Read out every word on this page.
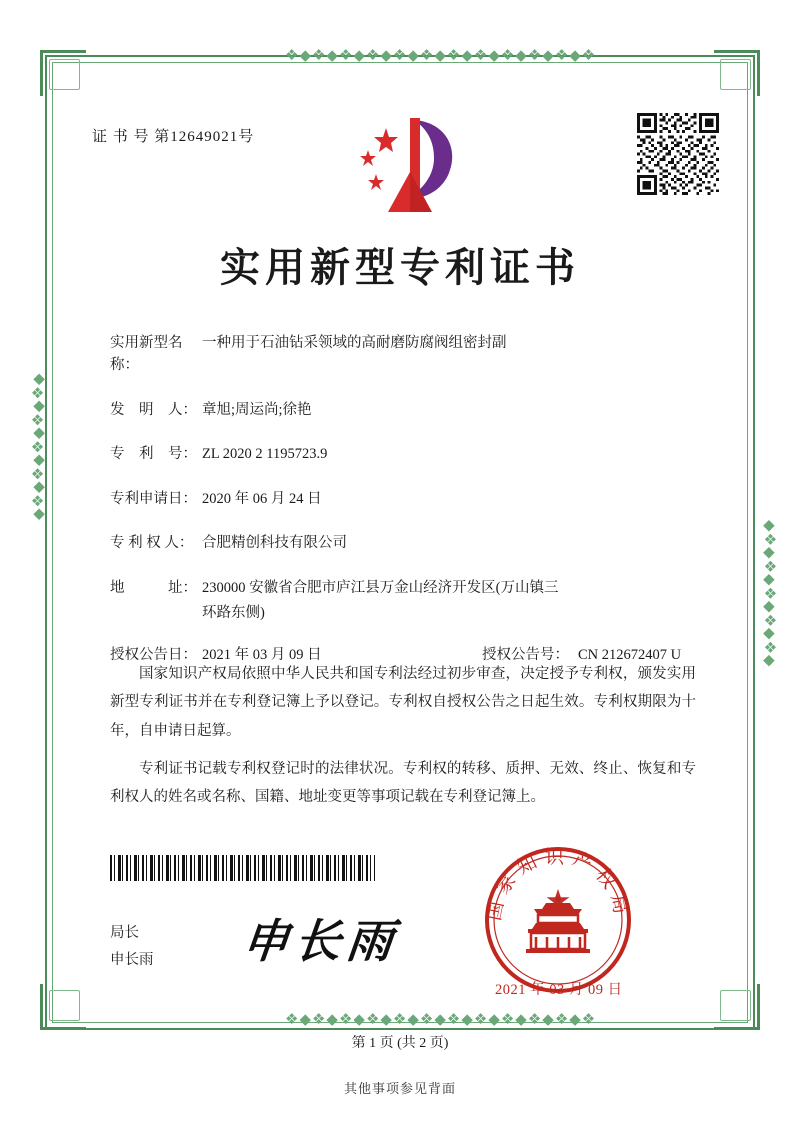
❖◆❖◆❖◆❖◆❖◆❖◆❖◆❖◆❖◆❖◆❖◆❖
❖◆❖◆❖◆❖◆❖◆❖◆❖◆❖◆❖◆❖◆❖◆❖
◆❖◆❖◆❖◆❖◆❖◆
◆❖◆❖◆❖◆❖◆❖◆
证 书 号 第12649021号
实用新型专利证书
实用新型名称：
一种用于石油钻采领域的高耐磨防腐阀组密封副
发　明　人： 章旭;周运尚;徐艳
专　利　号： ZL 2020 2 1195723.9
专利申请日： 2020 年 06 月 24 日
专 利 权 人： 合肥精创科技有限公司
地　　　址： 230000 安徽省合肥市庐江县万金山经济开发区(万山镇三
环路东侧)
授权公告日： 2021 年 03 月 09 日	授权公告号： CN 212672407 U

国家知识产权局依照中华人民共和国专利法经过初步审查，决定授予专利权，颁发实用新型专利证书并在专利登记簿上予以登记。专利权自授权公告之日起生效。专利权期限为十年，自申请日起算。

专利证书记载专利权登记时的法律状况。专利权的转移、质押、无效、终止、恢复和专利权人的姓名或名称、国籍、地址变更等事项记载在专利登记簿上。

局长
申长雨 申长雨
国家知识产权局
2021 年 03 月 09 日
第 1 页 (共 2 页)
其他事项参见背面
